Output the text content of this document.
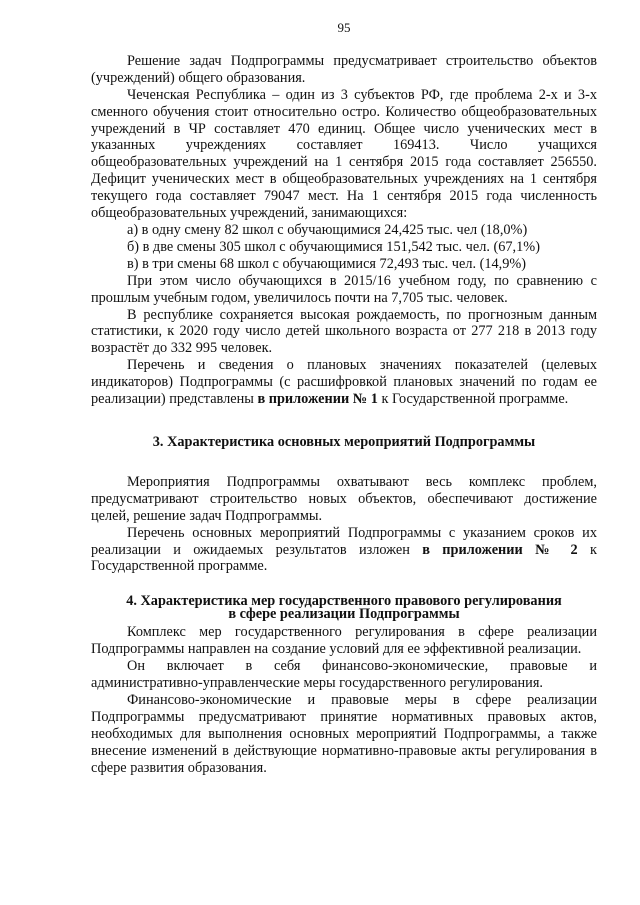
95

Решение задач Подпрограммы предусматривает строительство объектов (учреждений) общего образования.

Чеченская Республика – один из 3 субъектов РФ, где проблема 2-х и 3-х сменного обучения стоит относительно остро. Количество общеобразовательных учреждений в ЧР составляет 470 единиц. Общее число ученических мест в указанных учреждениях составляет 169413. Число учащихся общеобразовательных учреждений на 1 сентября 2015 года составляет 256550. Дефицит ученических мест в общеобразовательных учреждениях на 1 сентября текущего года составляет 79047 мест. На 1 сентября 2015 года численность общеобразовательных учреждений, занимающихся:

а) в одну смену 82 школ с обучающимися 24,425 тыс. чел (18,0%)

б) в две смены 305 школ с обучающимися 151,542 тыс. чел. (67,1%)

в) в три смены 68 школ с обучающимися 72,493 тыс. чел. (14,9%)

При этом число обучающихся в 2015/16 учебном году, по сравнению с прошлым учебным годом, увеличилось почти на 7,705 тыс. человек.

В республике сохраняется высокая рождаемость, по прогнозным данным статистики, к 2020 году число детей школьного возраста от 277 218 в 2013 году возрастёт до 332 995 человек.

Перечень и сведения о плановых значениях показателей (целевых индикаторов) Подпрограммы (с расшифровкой плановых значений по годам ее реализации) представлены в приложении № 1 к Государственной программе.

3. Характеристика основных мероприятий Подпрограммы

Мероприятия Подпрограммы охватывают весь комплекс проблем, предусматривают строительство новых объектов, обеспечивают достижение целей, решение задач Подпрограммы.

Перечень основных мероприятий Подпрограммы с указанием сроков их реализации и ожидаемых результатов изложен в приложении № 2 к Государственной программе.

4. Характеристика мер государственного правового регулирования
в сфере реализации Подпрограммы

Комплекс мер государственного регулирования в сфере реализации Подпрограммы направлен на создание условий для ее эффективной реализации.

Он включает в себя финансово-экономические, правовые и административно-управленческие меры государственного регулирования.

Финансово-экономические и правовые меры в сфере реализации Подпрограммы предусматривают принятие нормативных правовых актов, необходимых для выполнения основных мероприятий Подпрограммы, а также внесение изменений в действующие нормативно-правовые акты регулирования в сфере развития образования.
